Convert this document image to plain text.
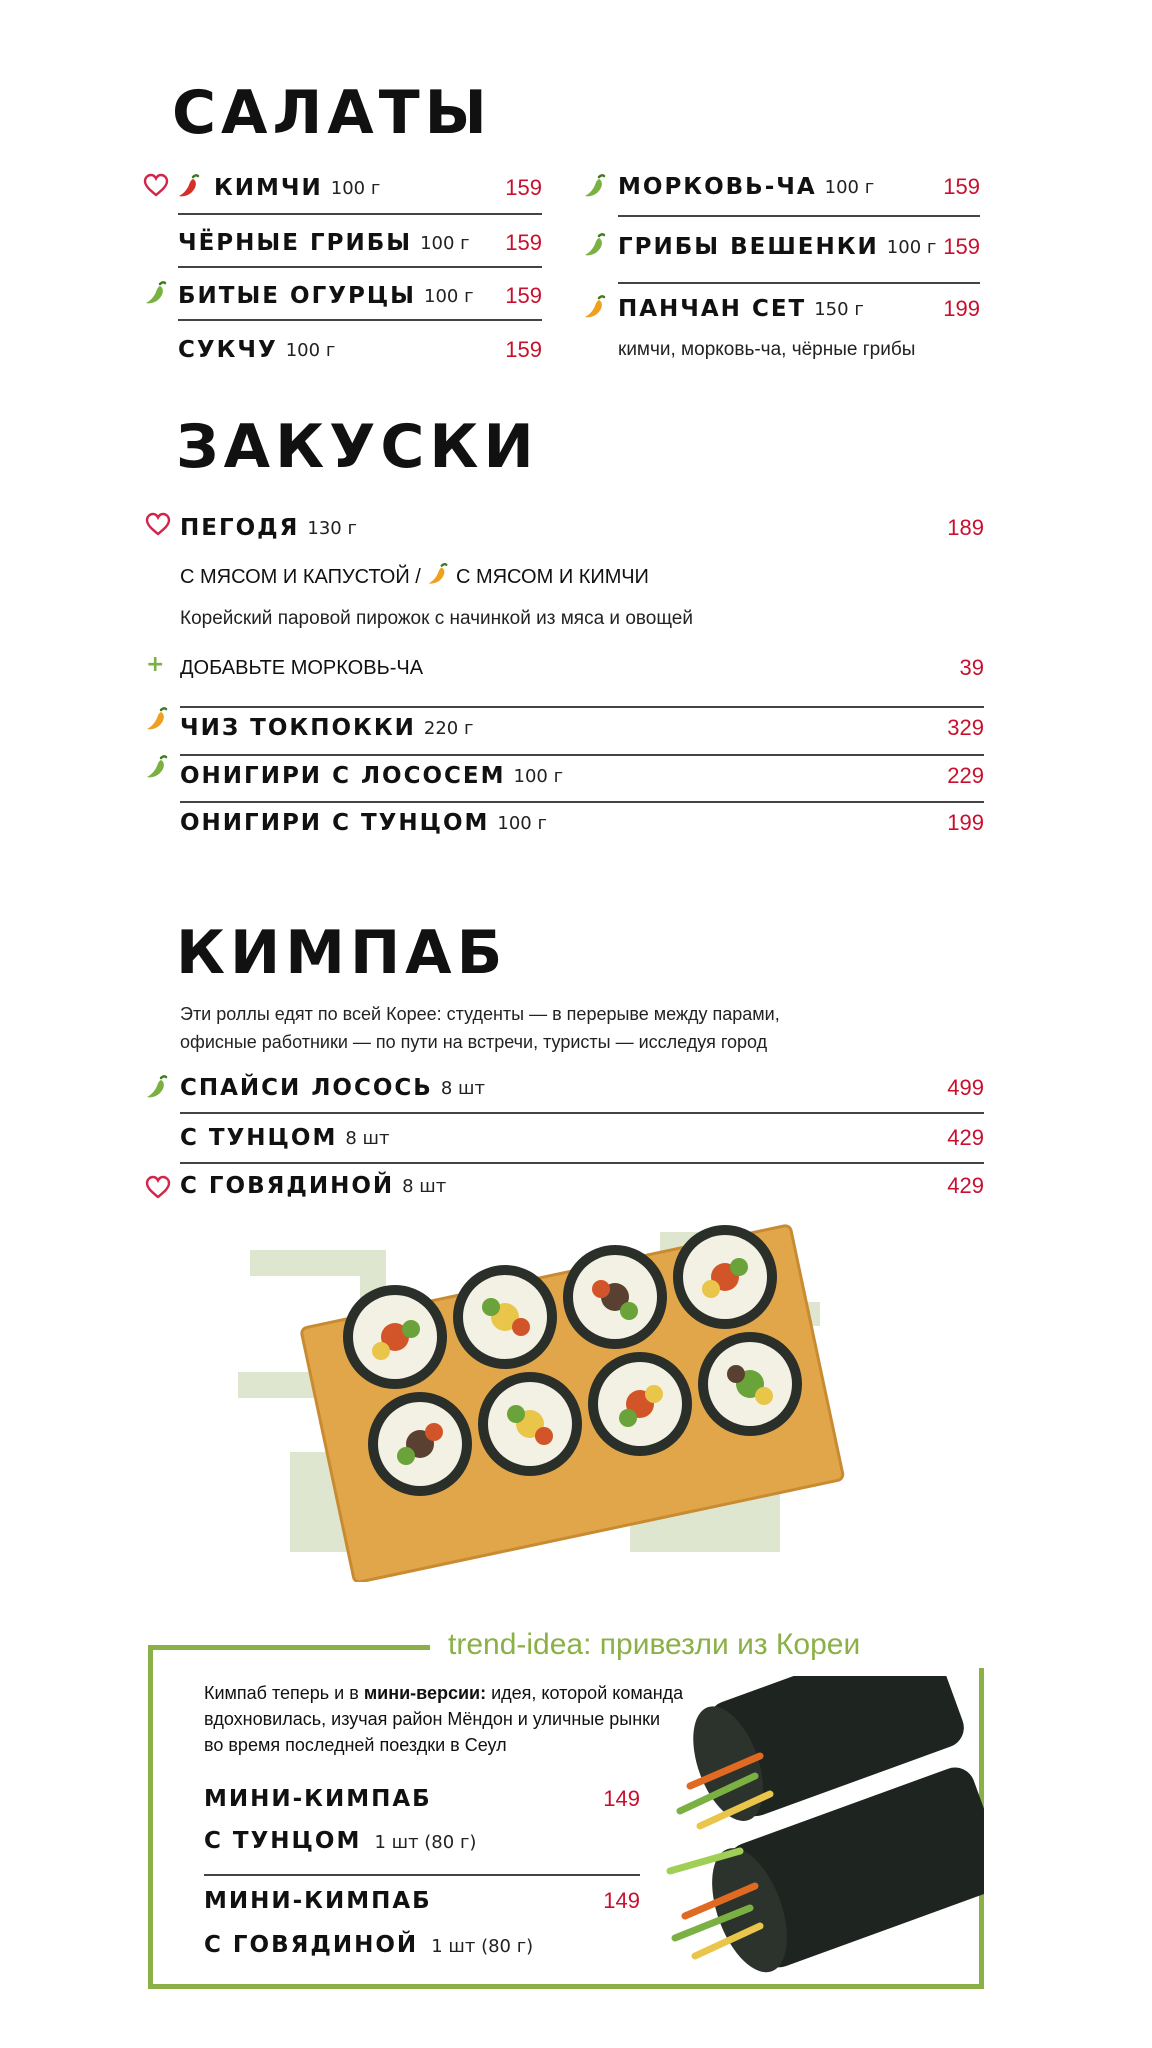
САЛАТЫ
КИМЧИ 100 г	159
ЧЁРНЫЕ ГРИБЫ 100 г 159
БИТЫЕ ОГУРЦЫ 100 г 159
СУКЧУ 100 г	159
МОРКОВЬ-ЧА 100 г	159
ГРИБЫ ВЕШЕНКИ 100 г 159
ПАНЧАН СЕТ 150 г	199
кимчи, морковь-ча, чёрные грибы
ЗАКУСКИ
ПЕГОДЯ 130 г	189
С МЯСОМ И КАПУСТОЙ / С МЯСОМ И КИМЧИ
Корейский паровой пирожок с начинкой из мяса и овощей
ДОБАВЬТЕ МОРКОВЬ-ЧА	39
ЧИЗ ТОКПОККИ 220 г	329
ОНИГИРИ С ЛОСОСЕМ 100 г	229
ОНИГИРИ С ТУНЦОМ 100 г	199
+
КИМПАБ
Эти роллы едят по всей Корее: студенты — в перерыве между парами,
офисные работники — по пути на встречи, туристы — исследуя город
СПАЙСИ ЛОСОСЬ 8 шт	499
С ТУНЦОМ 8 шт	429
С ГОВЯДИНОЙ 8 шт	429
trend-idea: привезли из Кореи
Кимпаб теперь и в мини-версии: идея, которой команда
вдохновилась, изучая район Мёндон и уличные рынки
во время последней поездки в Сеул
МИНИ-КИМПАБ
С ТУНЦОМ 1 шт (80 г)
149
МИНИ-КИМПАБ
С ГОВЯДИНОЙ 1 шт (80 г)
149
